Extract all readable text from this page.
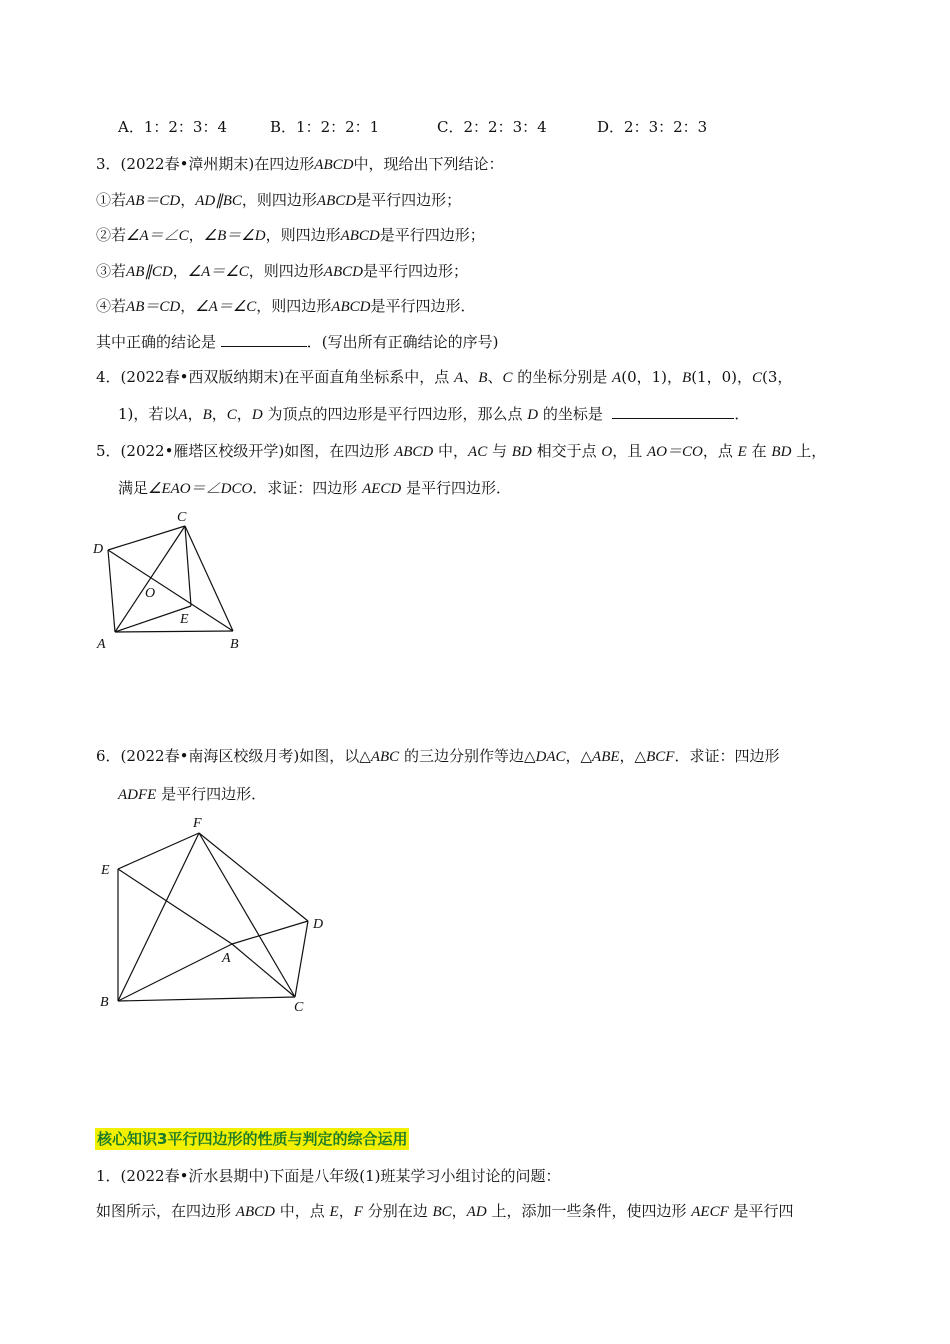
A．1：2：3：4	B．1：2：2：1	C．2：2：3：4	D．2：3：2：3
3．(2022春•漳州期末)在四边形ABCD中，现给出下列结论：
①若AB＝CD，AD∥BC，则四边形ABCD是平行四边形；
②若∠A＝∠C，∠B＝∠D，则四边形ABCD是平行四边形；
③若AB∥CD，∠A＝∠C，则四边形ABCD是平行四边形；
④若AB＝CD，∠A＝∠C，则四边形ABCD是平行四边形．
其中正确的结论是	．(写出所有正确结论的序号)
4．(2022春•西双版纳期末)在平面直角坐标系中，点 A、B、C 的坐标分别是 A(0，1)，B(1，0)，C(3，
1)，若以A，B，C，D 为顶点的四边形是平行四边形，那么点 D 的坐标是	．
5．(2022•雁塔区校级开学)如图，在四边形 ABCD 中，AC 与 BD 相交于点 O，且 AO＝CO，点 E 在 BD 上，
满足∠EAO＝∠DCO．求证：四边形 AECD 是平行四边形．
C
D
O
E
A	B
6．(2022春•南海区校级月考)如图，以△ABC 的三边分别作等边△DAC，△ABE，△BCF．求证：四边形
ADFE 是平行四边形．
F
E
D
A
B	C
核心知识3平行四边形的性质与判定的综合运用
1．(2022春•沂水县期中)下面是八年级(1)班某学习小组讨论的问题：
如图所示，在四边形 ABCD 中，点 E，F 分别在边 BC，AD 上，添加一些条件，使四边形 AECF 是平行四
